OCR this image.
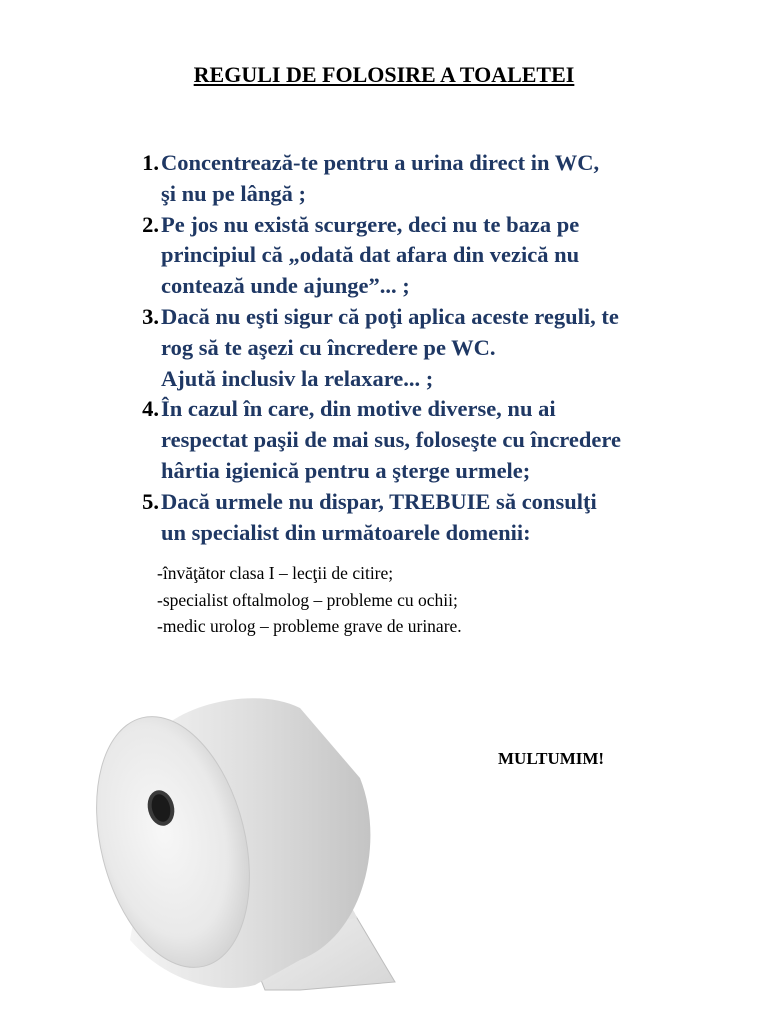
REGULI DE FOLOSIRE A TOALETEI
1. Concentrează-te pentru a urina direct in WC,
şi nu pe lângă ;
2. Pe jos nu există scurgere, deci nu te baza pe
principiul că „odată dat afara din vezică nu
contează unde ajunge”... ;
3. Dacă nu eşti sigur că poţi aplica aceste reguli, te
rog să te aşezi cu încredere pe WC.
Ajută inclusiv la relaxare... ;
4. În cazul în care, din motive diverse, nu ai
respectat paşii de mai sus, foloseşte cu încredere
hârtia igienică pentru a şterge urmele;
5. Dacă urmele nu dispar, TREBUIE să consulţi
un specialist din următoarele domenii:
-învăţător clasa I – lecţii de citire;
-specialist oftalmolog – probleme cu ochii;
-medic urolog – probleme grave de urinare.
MULTUMIM!
